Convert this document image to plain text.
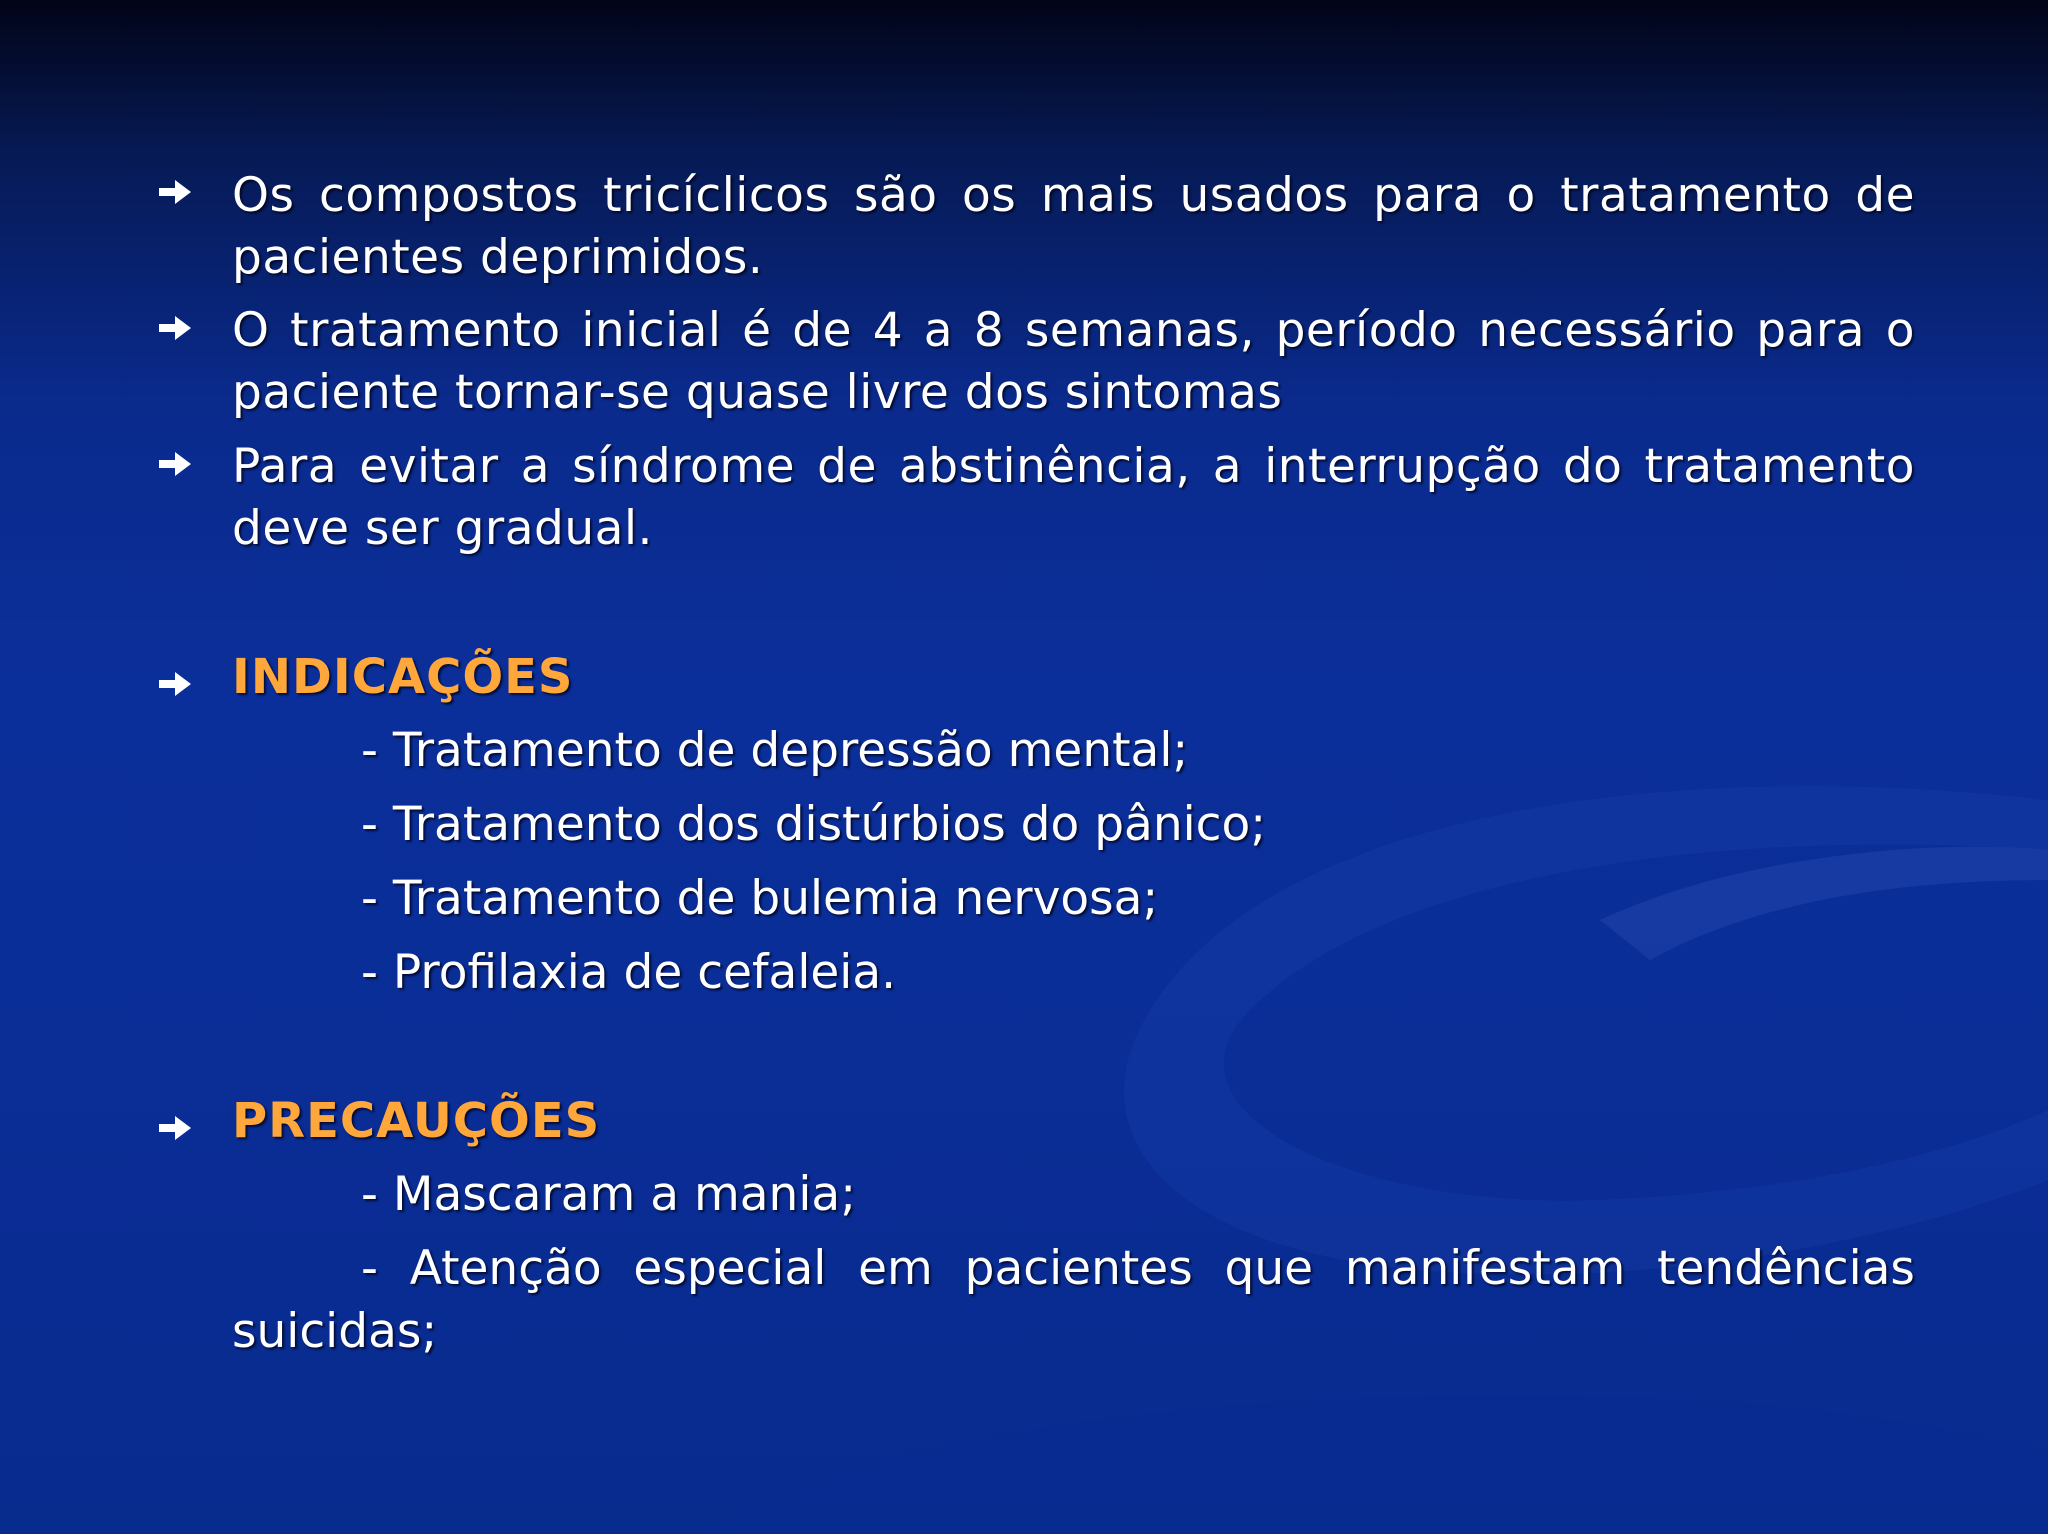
Os compostos tricíclicos são os mais usados para o tratamento de pacientes deprimidos.
O tratamento inicial é de 4 a 8 semanas, período necessário para o paciente tornar-se quase livre dos sintomas
Para evitar a síndrome de abstinência, a interrupção do tratamento deve ser gradual.
INDICAÇÕES
- Tratamento de depressão mental;
- Tratamento dos distúrbios do pânico;
- Tratamento de bulemia nervosa;
- Profilaxia de cefaleia.
PRECAUÇÕES
- Mascaram a mania;
- Atenção especial em pacientes que manifestam tendências
suicidas;
